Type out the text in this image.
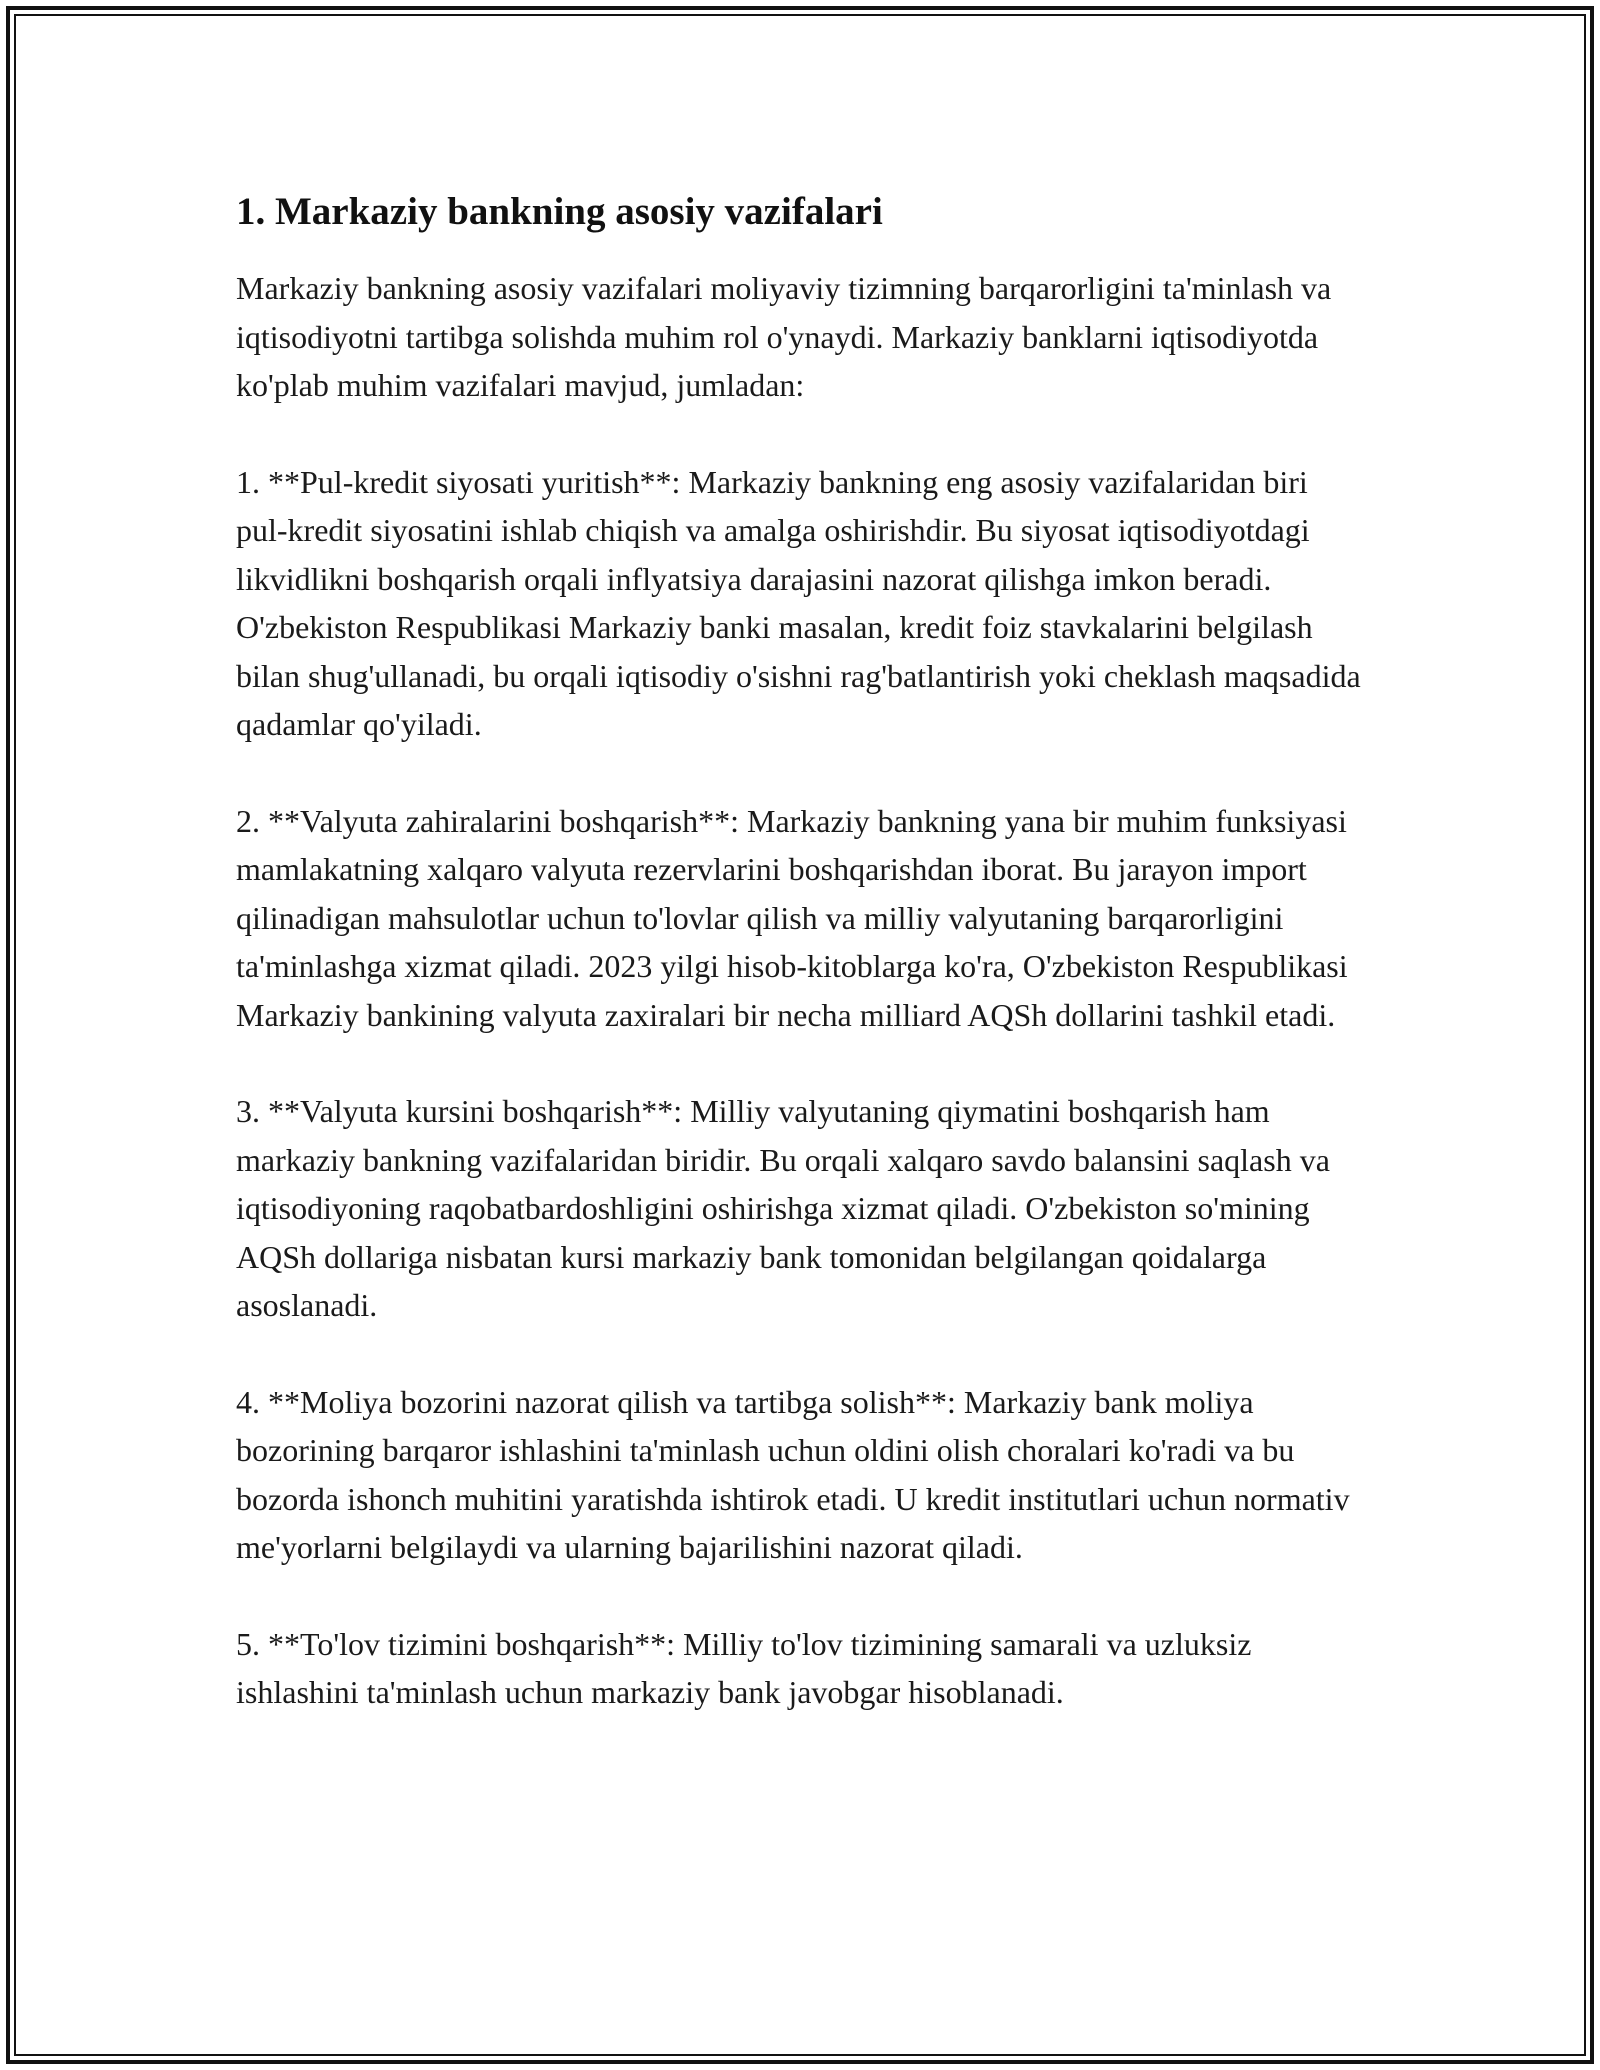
1. Markaziy bankning asosiy vazifalari

Markaziy bankning asosiy vazifalari moliyaviy tizimning barqarorligini ta'minlash va iqtisodiyotni tartibga solishda muhim rol o'ynaydi. Markaziy banklarni iqtisodiyotda ko'plab muhim vazifalari mavjud, jumladan:

1. **Pul-kredit siyosati yuritish**: Markaziy bankning eng asosiy vazifalaridan biri pul-kredit siyosatini ishlab chiqish va amalga oshirishdir. Bu siyosat iqtisodiyotdagi likvidlikni boshqarish orqali inflyatsiya darajasini nazorat qilishga imkon beradi. O'zbekiston Respublikasi Markaziy banki masalan, kredit foiz stavkalarini belgilash bilan shug'ullanadi, bu orqali iqtisodiy o'sishni rag'batlantirish yoki cheklash maqsadida qadamlar qo'yiladi.

2. **Valyuta zahiralarini boshqarish**: Markaziy bankning yana bir muhim funksiyasi mamlakatning xalqaro valyuta rezervlarini boshqarishdan iborat. Bu jarayon import qilinadigan mahsulotlar uchun to'lovlar qilish va milliy valyutaning barqarorligini ta'minlashga xizmat qiladi. 2023 yilgi hisob-kitoblarga ko'ra, O'zbekiston Respublikasi Markaziy bankining valyuta zaxiralari bir necha milliard AQSh dollarini tashkil etadi.

3. **Valyuta kursini boshqarish**: Milliy valyutaning qiymatini boshqarish ham markaziy bankning vazifalaridan biridir. Bu orqali xalqaro savdo balansini saqlash va iqtisodiyoning raqobatbardoshligini oshirishga xizmat qiladi. O'zbekiston so'mining AQSh dollariga nisbatan kursi markaziy bank tomonidan belgilangan qoidalarga asoslanadi.

4. **Moliya bozorini nazorat qilish va tartibga solish**: Markaziy bank moliya bozorining barqaror ishlashini ta'minlash uchun oldini olish choralari ko'radi va bu bozorda ishonch muhitini yaratishda ishtirok etadi. U kredit institutlari uchun normativ me'yorlarni belgilaydi va ularning bajarilishini nazorat qiladi.

5. **To'lov tizimini boshqarish**: Milliy to'lov tizimining samarali va uzluksiz ishlashini ta'minlash uchun markaziy bank javobgar hisoblanadi.
